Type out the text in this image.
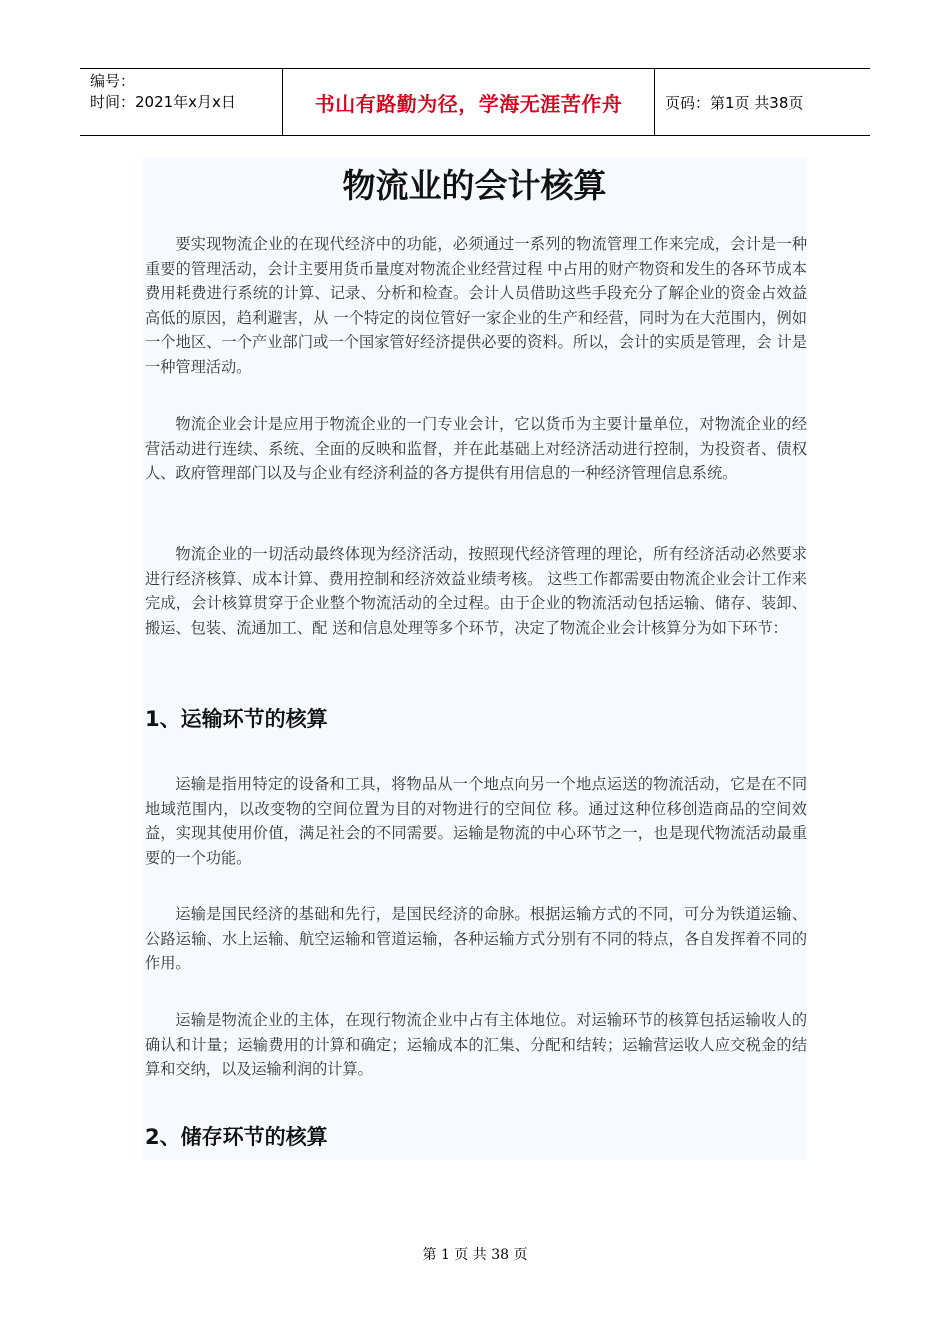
编号：
时间：2021年x月x日	书山有路勤为径，学海无涯苦作舟	页码：第1页 共38页
物流业的会计核算

要实现物流企业的在现代经济中的功能，必须通过一系列的物流管理工作来完成，会计是一种重要的管理活动，会计主要用货币量度对物流企业经营过程 中占用的财产物资和发生的各环节成本费用耗费进行系统的计算、记录、分析和检查。会计人员借助这些手段充分了解企业的资金占效益高低的原因，趋利避害，从 一个特定的岗位管好一家企业的生产和经营，同时为在大范围内，例如一个地区、一个产业部门或一个国家管好经济提供必要的资料。所以，会计的实质是管理，会 计是一种管理活动。

物流企业会计是应用于物流企业的一门专业会计，它以货币为主要计量单位，对物流企业的经营活动进行连续、系统、全面的反映和监督，并在此基础上对经济活动进行控制，为投资者、债权人、政府管理部门以及与企业有经济利益的各方提供有用信息的一种经济管理信息系统。

物流企业的一切活动最终体现为经济活动，按照现代经济管理的理论，所有经济活动必然要求进行经济核算、成本计算、费用控制和经济效益业绩考核。 这些工作都需要由物流企业会计工作来完成，会计核算贯穿于企业整个物流活动的全过程。由于企业的物流活动包括运输、储存、装卸、搬运、包装、流通加工、配 送和信息处理等多个环节，决定了物流企业会计核算分为如下环节：

1、运输环节的核算

运输是指用特定的设备和工具，将物品从一个地点向另一个地点运送的物流活动，它是在不同地域范围内，以改变物的空间位置为目的对物进行的空间位 移。通过这种位移创造商品的空间效益，实现其使用价值，满足社会的不同需要。运输是物流的中心环节之一，也是现代物流活动最重要的一个功能。

运输是国民经济的基础和先行，是国民经济的命脉。根据运输方式的不同，可分为铁道运输、公路运输、水上运输、航空运输和管道运输，各种运输方式分别有不同的特点，各自发挥着不同的作用。

运输是物流企业的主体，在现行物流企业中占有主体地位。对运输环节的核算包括运输收人的确认和计量；运输费用的计算和确定；运输成本的汇集、分配和结转；运输营运收人应交税金的结算和交纳，以及运输利润的计算。

2、储存环节的核算
第 1 页 共 38 页
